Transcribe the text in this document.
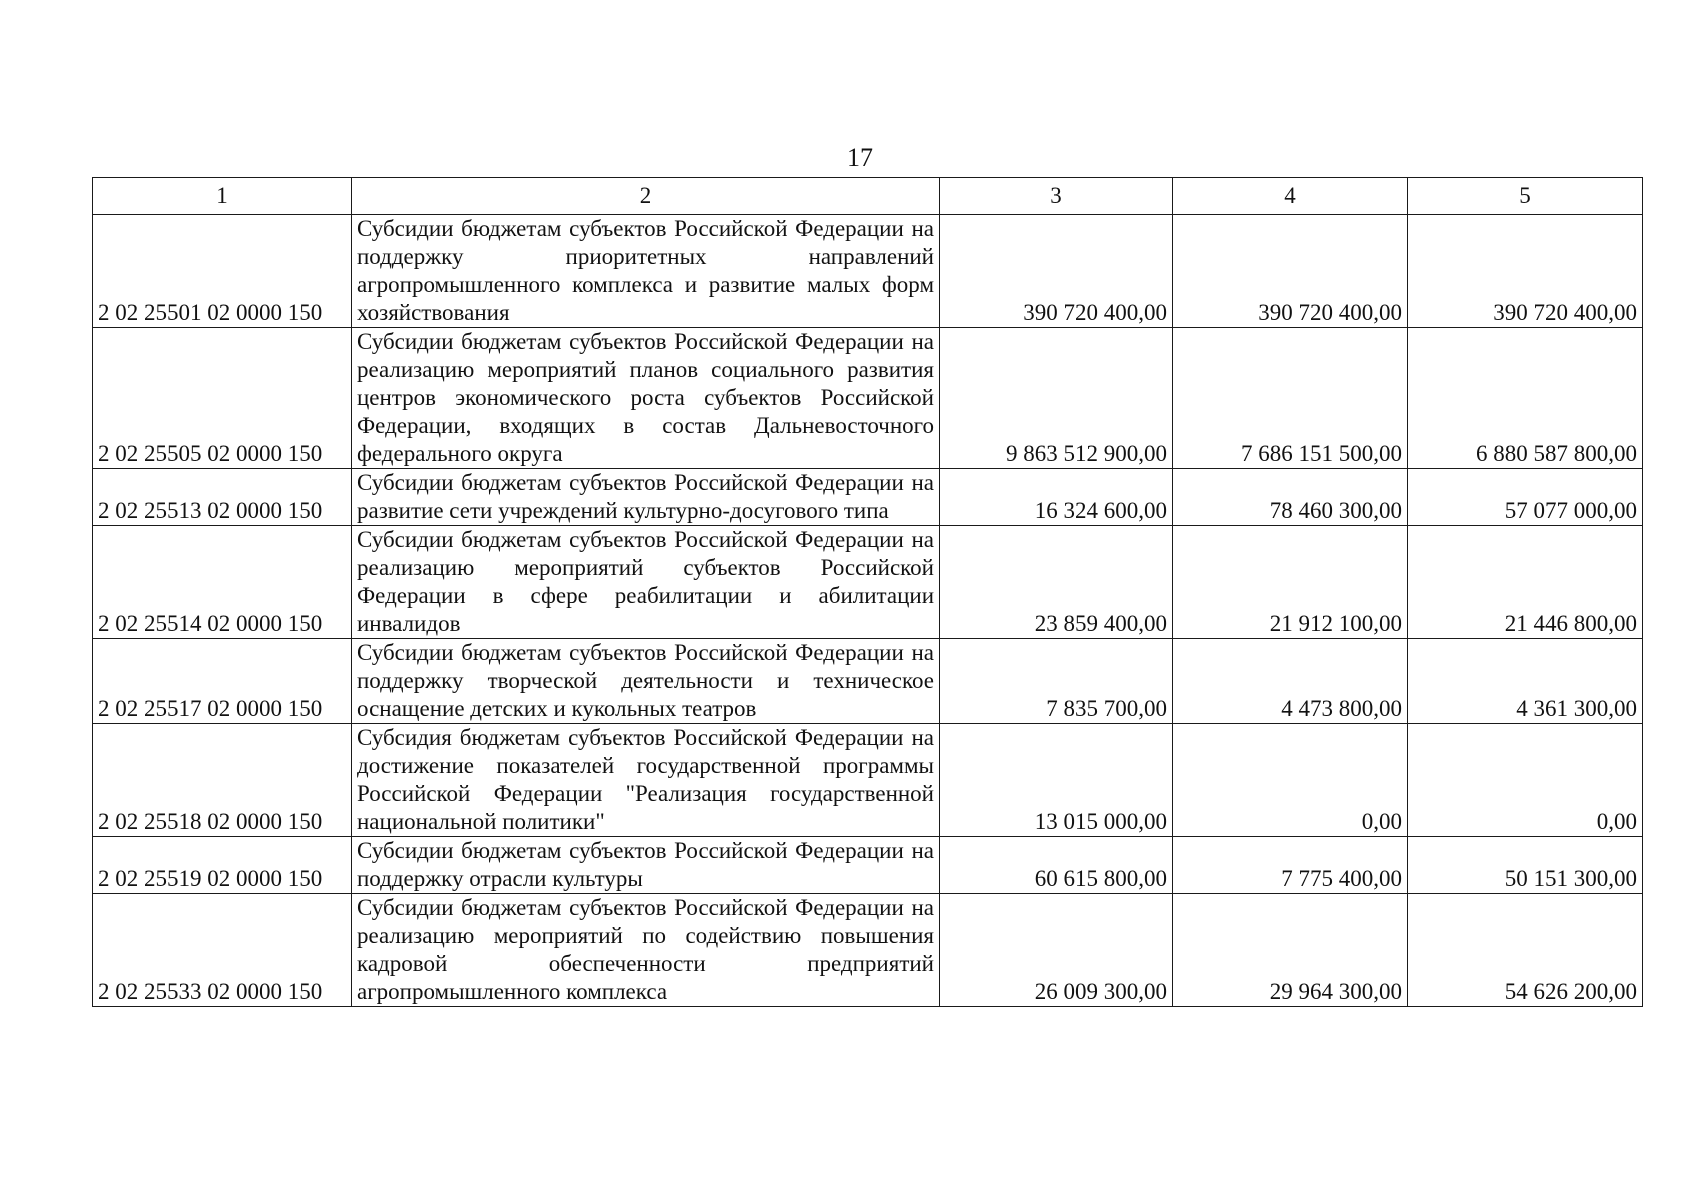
17
1	2	3	4	5
2 02 25501 02 0000 150	Субсидии бюджетам субъектов Российской Федерации на поддержку приоритетных направлений агропромышленного комплекса и развитие малых форм хозяйствования	390 720 400,00	390 720 400,00	390 720 400,00
2 02 25505 02 0000 150	Субсидии бюджетам субъектов Российской Федерации на реализацию мероприятий планов социального развития центров экономического роста субъектов Российской Федерации, входящих в состав Дальневосточного федерального округа	9 863 512 900,00	7 686 151 500,00	6 880 587 800,00
2 02 25513 02 0000 150	Субсидии бюджетам субъектов Российской Федерации на развитие сети учреждений культурно-досугового типа	16 324 600,00	78 460 300,00	57 077 000,00
2 02 25514 02 0000 150	Субсидии бюджетам субъектов Российской Федерации на реализацию мероприятий субъектов Российской Федерации в сфере реабилитации и абилитации инвалидов	23 859 400,00	21 912 100,00	21 446 800,00
2 02 25517 02 0000 150	Субсидии бюджетам субъектов Российской Федерации на поддержку творческой деятельности и техническое оснащение детских и кукольных театров	7 835 700,00	4 473 800,00	4 361 300,00
2 02 25518 02 0000 150	Субсидия бюджетам субъектов Российской Федерации на достижение показателей государственной программы Российской Федерации "Реализация государственной национальной политики"	13 015 000,00	0,00	0,00
2 02 25519 02 0000 150	Субсидии бюджетам субъектов Российской Федерации на поддержку отрасли культуры	60 615 800,00	7 775 400,00	50 151 300,00
2 02 25533 02 0000 150	Субсидии бюджетам субъектов Российской Федерации на реализацию мероприятий по содействию повышения кадровой обеспеченности предприятий агропромышленного комплекса	26 009 300,00	29 964 300,00	54 626 200,00
